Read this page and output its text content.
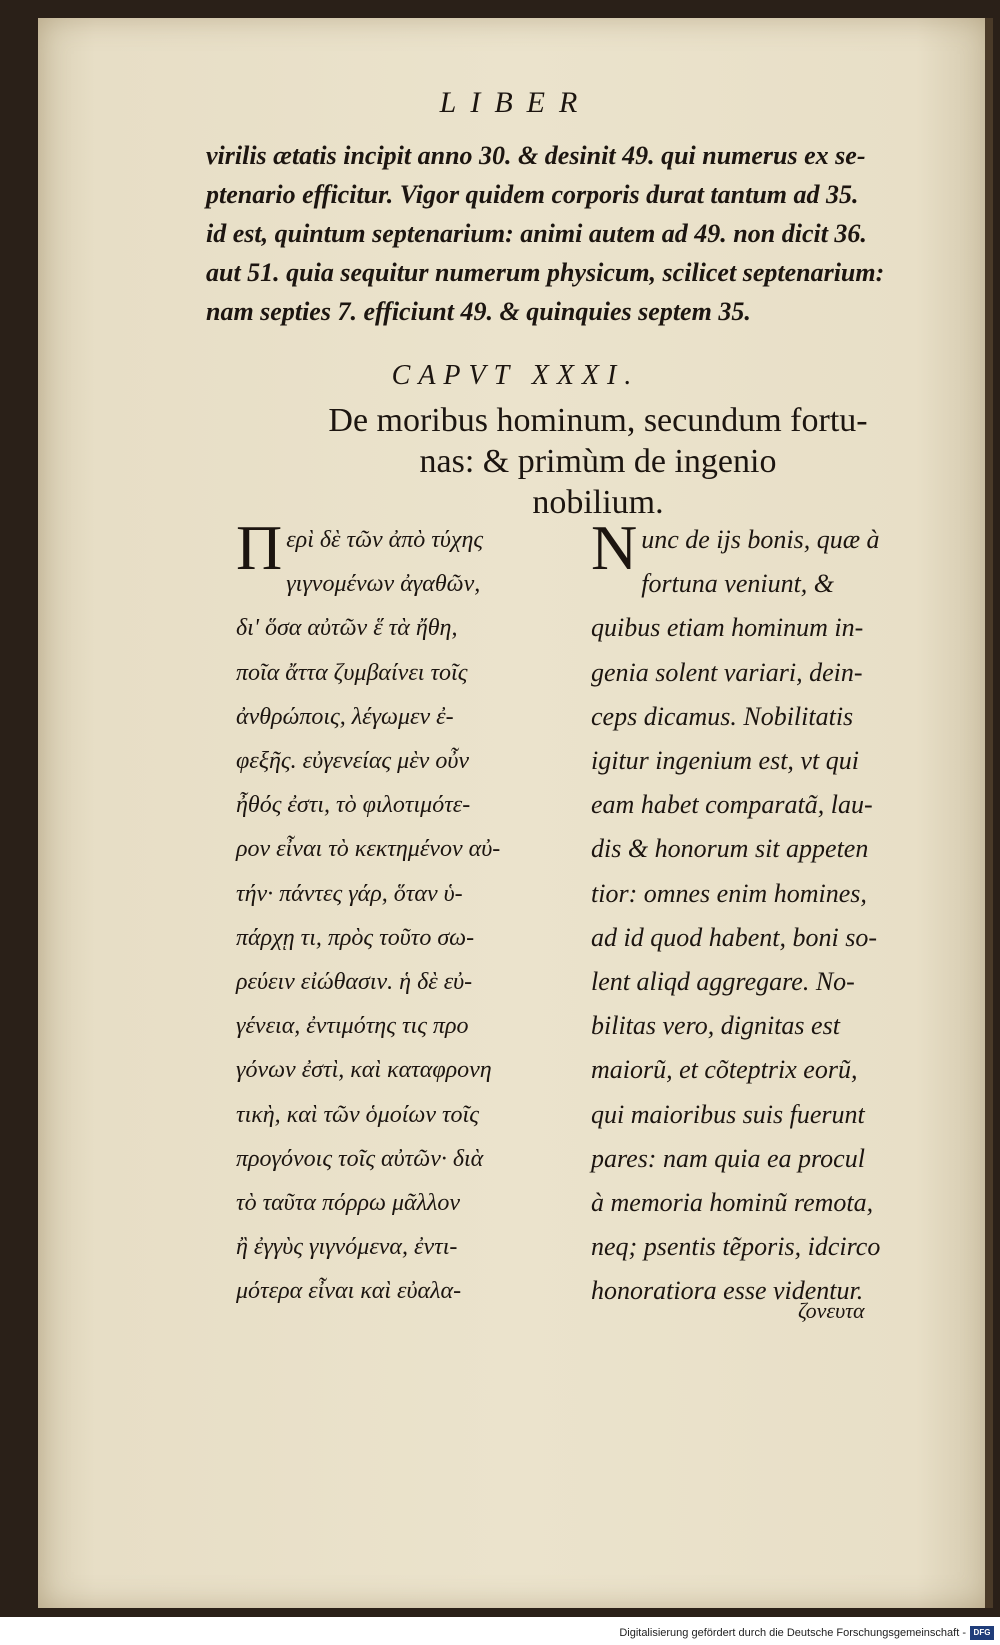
LIBER
virilis ætatis incipit anno 30. & desinit 49. qui numerus ex se-
ptenario efficitur. Vigor quidem corporis durat tantum ad 35.
id est, quintum septenarium: animi autem ad 49. non dicit 36.
aut 51. quia sequitur numerum physicum, scilicet septenarium:
nam septies 7. efficiunt 49. & quinquies septem 35.
CAPVT XXXI.
De moribus hominum, secundum fortu-
nas: & primùm de ingenio
nobilium.
Περὶ δὲ τῶν ἀπὸ τύχης
γιγνομένων ἀγαθῶν,
δι' ὅσα αὐτῶν ἕ τὰ ἤθη,
ποῖα ἄττα ζυμβαίνει τοῖς
ἀνθρώποις, λέγωμεν ἐ-
φεξῆς. εὐγενείας μὲν οὖν
ἦθός ἐστι, τὸ φιλοτιμότε-
ρον εἶναι τὸ κεκτημένον αὐ-
τήν· πάντες γάρ, ὅταν ὑ-
πάρχῃ τι, πρὸς τοῦτο σω-
ρεύειν εἰώθασιν. ἡ δὲ εὐ-
γένεια, ἐντιμότης τις προ
γόνων ἐστὶ, καὶ καταφρονη
τικὴ, καὶ τῶν ὁμοίων τοῖς
προγόνοις τοῖς αὐτῶν· διὰ
τὸ ταῦτα πόρρω μᾶλλον
ἢ ἐγγὺς γιγνόμενα, ἐντι-
μότερα εἶναι καὶ εὐαλα-
Nunc de ijs bonis, quæ à
fortuna veniunt, &
quibus etiam hominum in-
genia solent variari, dein-
ceps dicamus. Nobilitatis
igitur ingenium est, vt qui
eam habet comparatã, lau-
dis & honorum sit appeten
tior: omnes enim homines,
ad id quod habent, boni so-
lent aliqd aggregare. No-
bilitas vero, dignitas est
maiorũ, et cõteptrix eorũ,
qui maioribus suis fuerunt
pares: nam quia ea procul
à memoria hominũ remota,
neq; psentis tẽporis, idcirco
honoratiora esse videntur.
ζονευτα
Digitalisierung gefördert durch die Deutsche Forschungsgemeinschaft - DFG
